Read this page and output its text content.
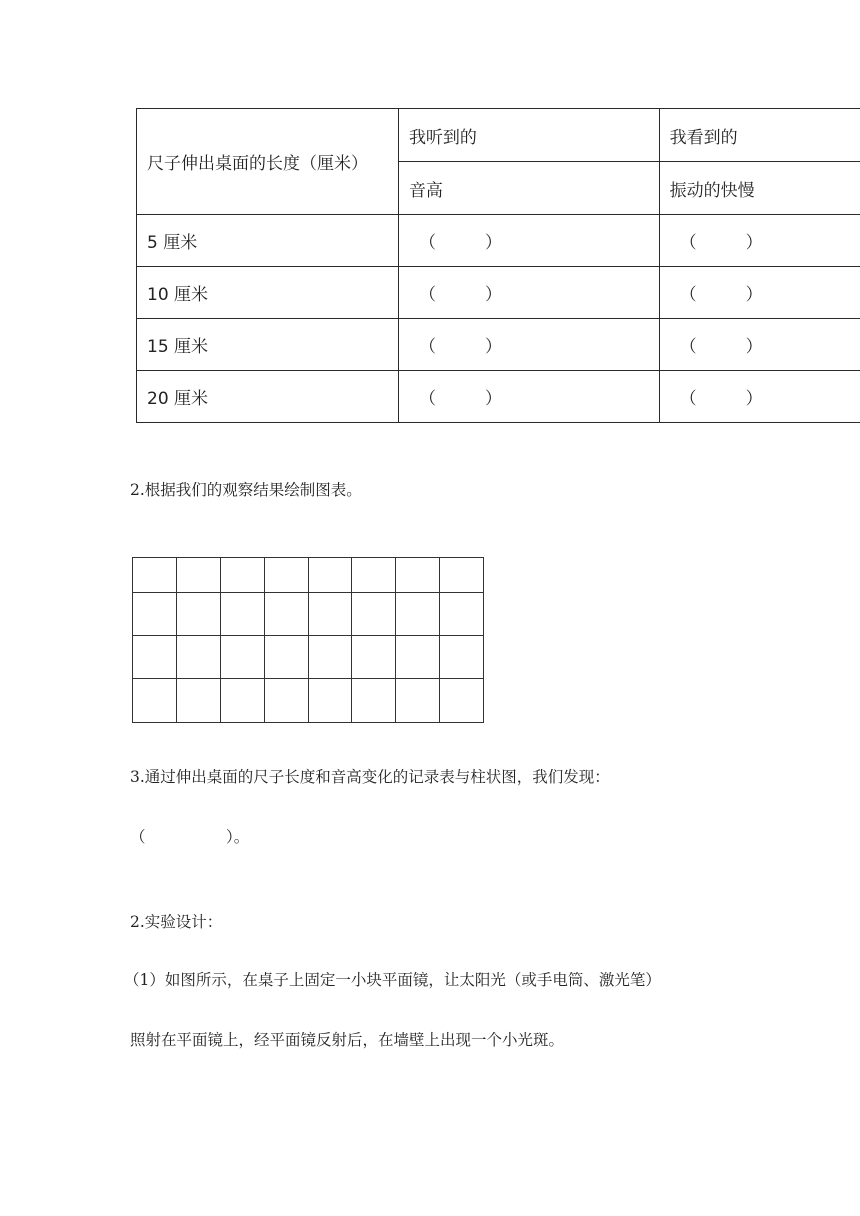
尺子伸出桌面的长度（厘米）	我听到的	我看到的
	音高	振动的快慢
5 厘米	（ ）	（ ）

10 厘米	（ ）	（ ）

15 厘米	（ ）	（ ）

20 厘米	（ ）	（ ）
2.根据我们的观察结果绘制图表。

3.通过伸出桌面的尺子长度和音高变化的记录表与柱状图，我们发现：
（	）。
2.实验设计：
（1）如图所示，在桌子上固定一小块平面镜，让太阳光（或手电筒、激光笔）
照射在平面镜上，经平面镜反射后，在墙壁上出现一个小光斑。
